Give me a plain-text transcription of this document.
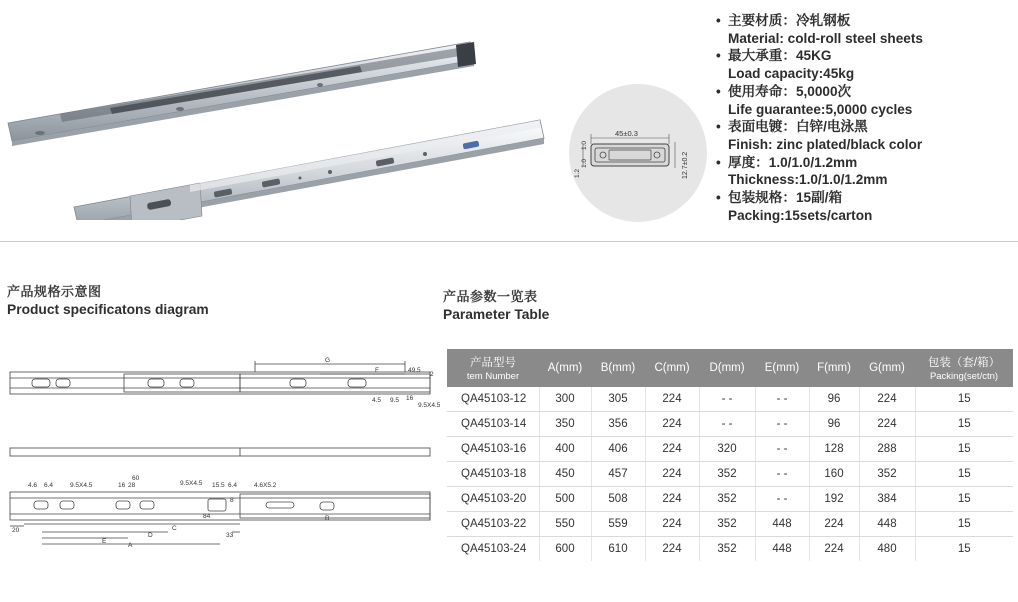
45±0.3
1.2
1.0
1.0	12.7±0.2
• 主要材质：冷轧钢板
Material: cold-roll steel sheets
• 最大承重：45KG
Load capacity:45kg
• 使用寿命：5,0000次
Life guarantee:5,0000 cycles
• 表面电镀：白锌/电泳黑
Finish: zinc plated/black color
• 厚度：1.0/1.0/1.2mm
Thickness:1.0/1.0/1.2mm
• 包装规格：15副/箱
Packing:15sets/carton
产品规格示意图
Product specificatons diagram
产品参数一览表
Parameter Table
G
F	49.5
2
4.5 9.5 16
9.5X4.5
4.6 6.4	9.5X4.5
60
16 28	9.5X4.5 15.5 6.4	4.6X5.2
8
84
20
33
C
D
E
A
B
产品型号
tem Number	A(mm)	B(mm)	C(mm)	D(mm)	E(mm)	F(mm)	G(mm)	包装（套/箱）
Packing(set/ctn)

QA45103-12	300	305	224	- -	- -	96	224	15
QA45103-14	350	356	224	- -	- -	96	224	15
QA45103-16	400	406	224	320	- -	128	288	15
QA45103-18	450	457	224	352	- -	160	352	15
QA45103-20	500	508	224	352	- -	192	384	15
QA45103-22	550	559	224	352	448	224	448	15
QA45103-24	600	610	224	352	448	224	480	15
